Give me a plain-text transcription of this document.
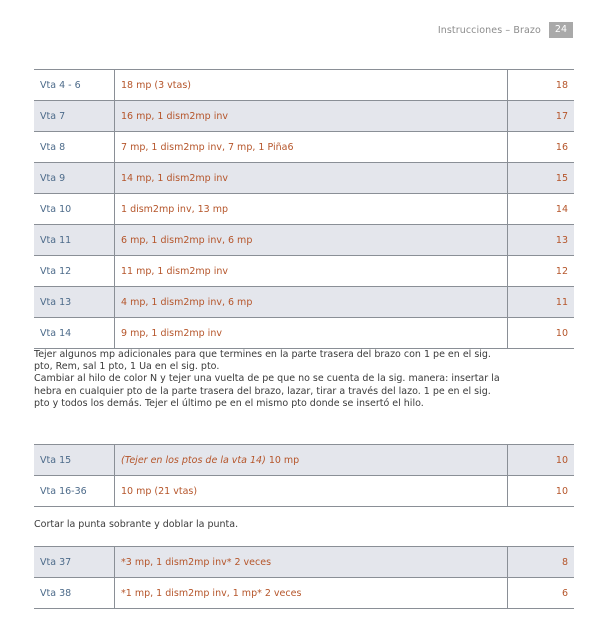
Instrucciones – Brazo	24
Vta 4 - 6	18 mp (3 vtas)	18
Vta 7	16 mp, 1 dism2mp inv	17
Vta 8	7 mp, 1 dism2mp inv, 7 mp, 1 Piña6	16
Vta 9	14 mp, 1 dism2mp inv	15
Vta 10	1 dism2mp inv, 13 mp	14
Vta 11	6 mp, 1 dism2mp inv, 6 mp	13
Vta 12	11 mp, 1 dism2mp inv	12
Vta 13	4 mp, 1 dism2mp inv, 6 mp	11
Vta 14	9 mp, 1 dism2mp inv	10
Tejer algunos mp adicionales para que termines en la parte trasera del brazo con 1 pe en el sig.
pto, Rem, sal 1 pto, 1 Ua en el sig. pto.
Cambiar al hilo de color N y tejer una vuelta de pe que no se cuenta de la sig. manera: insertar la
hebra en cualquier pto de la parte trasera del brazo, lazar, tirar a través del lazo. 1 pe en el sig.
pto y todos los demás. Tejer el último pe en el mismo pto donde se insertó el hilo.
Vta 15	(Tejer en los ptos de la vta 14) 10 mp	10
Vta 16-36	10 mp (21 vtas)	10
Cortar la punta sobrante y doblar la punta.
Vta 37	*3 mp, 1 dism2mp inv* 2 veces	8
Vta 38	*1 mp, 1 dism2mp inv, 1 mp* 2 veces	6
